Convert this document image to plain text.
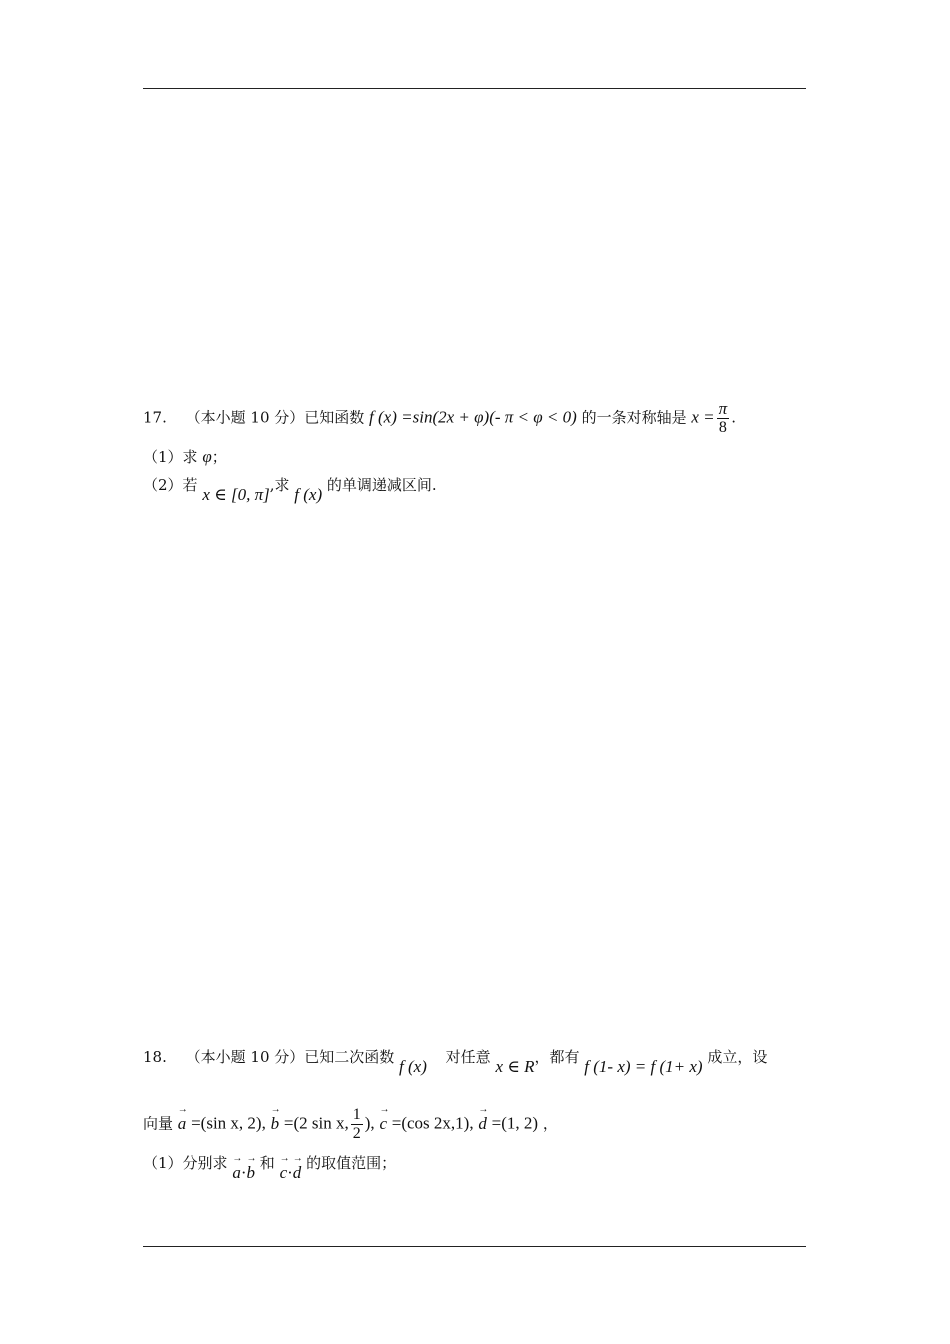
17. （本小题 10 分）已知函数 f (x) =sin(2x + φ)(- π < φ < 0) 的一条对称轴是 $x = \frac{\pi}{8}$ .
（1）求 φ；
（2）若 x ∈ [0, π],求 f (x) 的单调递减区间.
18. （本小题 10 分）已知二次函数 f (x) 对任意 x ∈ R，都有 f (1- x) = f (1+ x) 成立，设
向量 → a =(sin x, 2), → b =(2 sin x, $\frac{1}{2}$ ), → c =(cos 2x,1), → d =(1, 2) ，
（1）分别求 → a·→ b 和 → c·→ d 的取值范围；
